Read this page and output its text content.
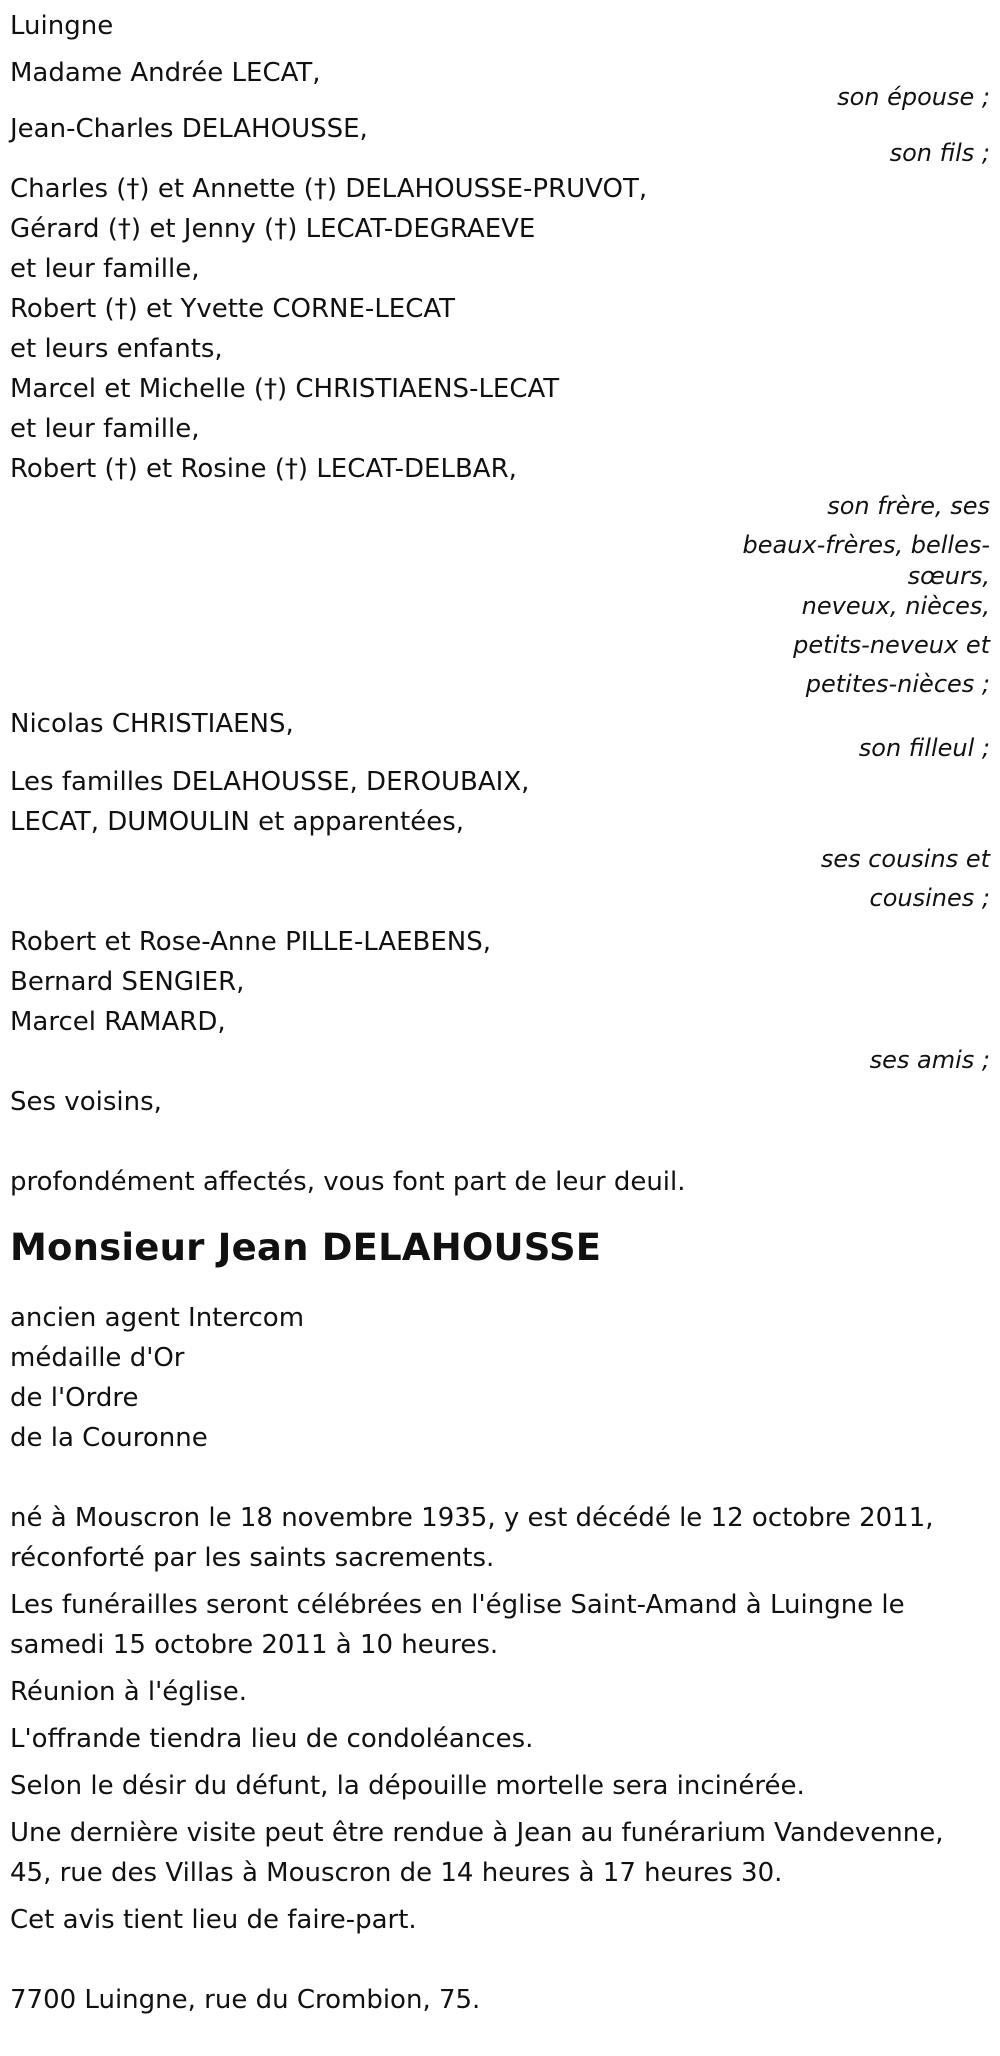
Luingne
Madame Andrée LECAT,
son épouse ;
Jean-Charles DELAHOUSSE,
son fils ;
Charles (†) et Annette (†) DELAHOUSSE-PRUVOT,
Gérard (†) et Jenny (†) LECAT-DEGRAEVE
et leur famille,
Robert (†) et Yvette CORNE-LECAT
et leurs enfants,
Marcel et Michelle (†) CHRISTIAENS-LECAT
et leur famille,
Robert (†) et Rosine (†) LECAT-DELBAR,
son frère, ses
beaux-frères, belles-
sœurs,
neveux, nièces,
petits-neveux et
petites-nièces ;
Nicolas CHRISTIAENS,
son filleul ;
Les familles DELAHOUSSE, DEROUBAIX,
LECAT, DUMOULIN et apparentées,
ses cousins et
cousines ;
Robert et Rose-Anne PILLE-LAEBENS,
Bernard SENGIER,
Marcel RAMARD,
ses amis ;
Ses voisins,
profondément affectés, vous font part de leur deuil.
Monsieur Jean DELAHOUSSE
ancien agent Intercom
médaille d'Or
de l'Ordre
de la Couronne
né à Mouscron le 18 novembre 1935, y est décédé le 12 octobre 2011,
réconforté par les saints sacrements.
Les funérailles seront célébrées en l'église Saint-Amand à Luingne le
samedi 15 octobre 2011 à 10 heures.
Réunion à l'église.
L'offrande tiendra lieu de condoléances.
Selon le désir du défunt, la dépouille mortelle sera incinérée.
Une dernière visite peut être rendue à Jean au funérarium Vandevenne,
45, rue des Villas à Mouscron de 14 heures à 17 heures 30.
Cet avis tient lieu de faire-part.
7700 Luingne, rue du Crombion, 75.
